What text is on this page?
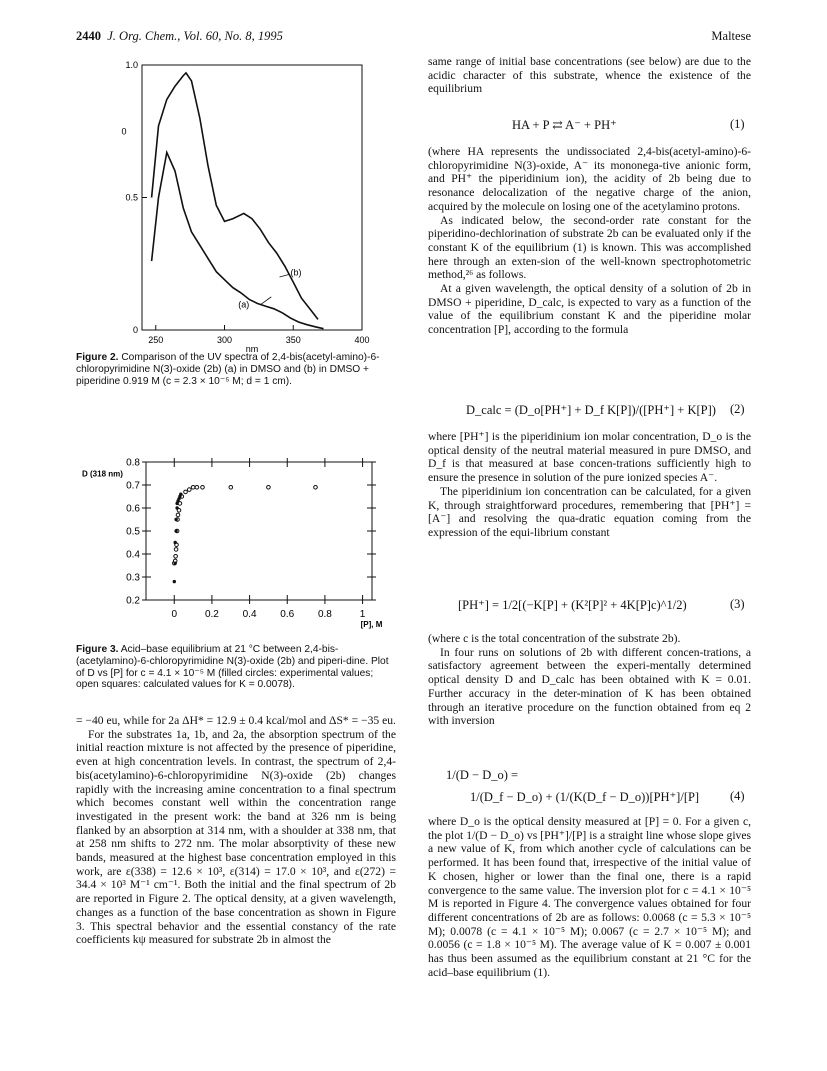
2440 J. Org. Chem., Vol. 60, No. 8, 1995	Maltese
250	300	350	400
0
0.5
1.0
0
nm
(a)
(b)
Figure 2. Comparison of the UV spectra of 2,4-bis(acetyl-amino)-6-chloropyrimidine N(3)-oxide (2b) (a) in DMSO and (b) in DMSO + piperidine 0.919 M (c = 2.3 × 10⁻⁵ M; d = 1 cm).
0.2
0.3
0.4
0.5
0.6
0.7
0.8
0	0.2 0.4 0.6 0.8	1
D (318 nm)
[P], M
Figure 3. Acid–base equilibrium at 21 °C between 2,4-bis-(acetylamino)-6-chloropyrimidine N(3)-oxide (2b) and piperi-dine. Plot of D vs [P] for c = 4.1 × 10⁻⁵ M (filled circles: experimental values; open squares: calculated values for K = 0.0078).

= −40 eu, while for 2a ΔH* = 12.9 ± 0.4 kcal/mol and ΔS* = −35 eu.

For the substrates 1a, 1b, and 2a, the absorption spectrum of the initial reaction mixture is not affected by the presence of piperidine, even at high concentration levels. In contrast, the spectrum of 2,4-bis(acetylamino)-6-chloropyrimidine N(3)-oxide (2b) changes rapidly with the increasing amine concentration to a final spectrum which becomes constant well within the concentration range investigated in the present work: the band at 326 nm is being flanked by an absorption at 314 nm, with a shoulder at 338 nm, that at 258 nm shifts to 272 nm. The molar absorptivity of these new bands, measured at the highest base concentration employed in this work, are ε(338) = 12.6 × 10³, ε(314) = 17.0 × 10³, and ε(272) = 34.4 × 10³ M⁻¹ cm⁻¹. Both the initial and the final spectrum of 2b are reported in Figure 2. The optical density, at a given wavelength, changes as a function of the base concentration as shown in Figure 3. This spectral behavior and the essential constancy of the rate coefficients kψ measured for substrate 2b in almost the

same range of initial base concentrations (see below) are due to the acidic character of this substrate, whence the existence of the equilibrium

HA + P ⇄ A⁻ + PH⁺	(1)

(where HA represents the undissociated 2,4-bis(acetyl-amino)-6-chloropyrimidine N(3)-oxide, A⁻ its mononega-tive anionic form, and PH⁺ the piperidinium ion), the acidity of 2b being due to resonance delocalization of the negative charge of the anion, acquired by the molecule on losing one of the acetylamino protons.

As indicated below, the second-order rate constant for the piperidino-dechlorination of substrate 2b can be evaluated only if the constant K of the equilibrium (1) is known. This was accomplished here through an exten-sion of the well-known spectrophotometric method,²⁶ as follows.

At a given wavelength, the optical density of a solution of 2b in DMSO + piperidine, D_calc, is expected to vary as a function of the value of the equilibrium constant K and the piperidine molar concentration [P], according to the formula

D_calc = (D_o[PH⁺] + D_f K[P])/([PH⁺] + K[P]) (2)

where [PH⁺] is the piperidinium ion molar concentration, D_o is the optical density of the neutral material measured in pure DMSO, and D_f is that measured at base concen-trations sufficiently high to ensure the presence in solution of the pure ionized species A⁻.

The piperidinium ion concentration can be calculated, for a given K, through straightforward procedures, remembering that [PH⁺] = [A⁻] and resolving the qua-dratic equation coming from the expression of the equi-librium constant

[PH⁺] = 1/2[(−K[P] + (K²[P]² + 4K[P]c)^1/2)	(3)

(where c is the total concentration of the substrate 2b).

In four runs on solutions of 2b with different concen-trations, a satisfactory agreement between the experi-mentally determined optical density D and D_calc has been obtained with K = 0.01. Further accuracy in the deter-mination of K has been obtained through an iterative procedure on the function obtained from eq 2 with inversion

1/(D − D_o) =
1/(D_f − D_o) + (1/(K(D_f − D_o))[PH⁺]/[P] (4)

where D_o is the optical density measured at [P] = 0. For a given c, the plot 1/(D − D_o) vs [PH⁺]/[P] is a straight line whose slope gives a new value of K, from which another cycle of calculations can be performed. It has been found that, irrespective of the initial value of K chosen, higher or lower than the final one, there is a rapid convergence to the same value. The inversion plot for c = 4.1 × 10⁻⁵ M is reported in Figure 4. The convergence values obtained for four different concentrations of 2b are as follows: 0.0068 (c = 5.3 × 10⁻⁵ M); 0.0078 (c = 4.1 × 10⁻⁵ M); 0.0067 (c = 2.7 × 10⁻⁵ M); and 0.0056 (c = 1.8 × 10⁻⁵ M). The average value of K = 0.007 ± 0.001 has thus been assumed as the equilibrium constant at 21 °C for the acid–base equilibrium (1).
